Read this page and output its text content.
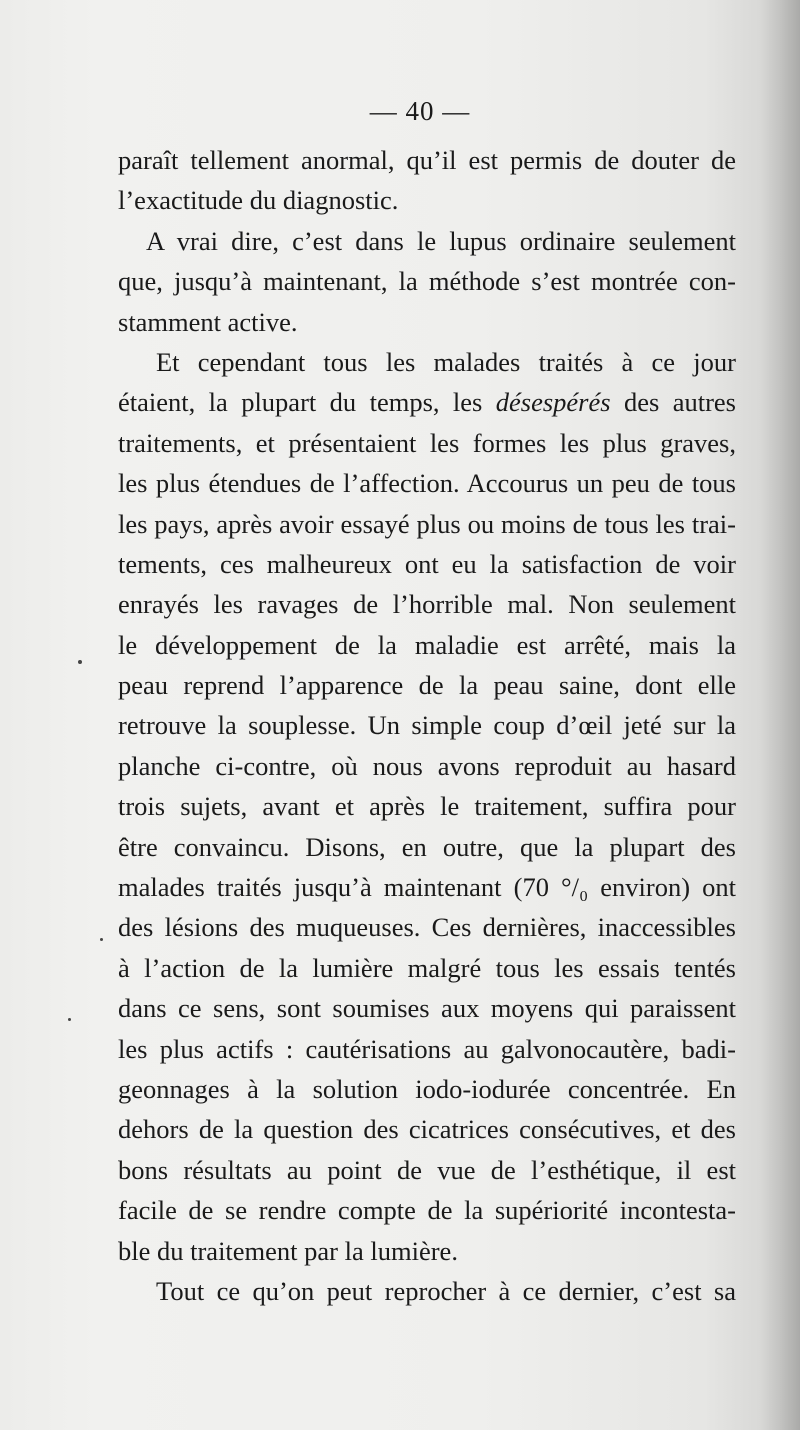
— 40 —
paraît tellement anormal, qu’il est permis de douter de
l’exactitude du diagnostic.
A vrai dire, c’est dans le lupus ordinaire seulement
que, jusqu’à maintenant, la méthode s’est montrée con-
stamment active.
Et cependant tous les malades traités à ce jour
étaient, la plupart du temps, les désespérés des autres
traitements, et présentaient les formes les plus graves,
les plus étendues de l’affection. Accourus un peu de tous
les pays, après avoir essayé plus ou moins de tous les trai-
tements, ces malheureux ont eu la satisfaction de voir
enrayés les ravages de l’horrible mal. Non seulement
le développement de la maladie est arrêté, mais la
peau reprend l’apparence de la peau saine, dont elle
retrouve la souplesse. Un simple coup d’œil jeté sur la
planche ci-contre, où nous avons reproduit au hasard
trois sujets, avant et après le traitement, suffira pour
être convaincu. Disons, en outre, que la plupart des
malades traités jusqu’à maintenant (70 °/₀ environ) ont
des lésions des muqueuses. Ces dernières, inaccessibles
à l’action de la lumière malgré tous les essais tentés
dans ce sens, sont soumises aux moyens qui paraissent
les plus actifs : cautérisations au galvonocautère, badi-
geonnages à la solution iodo-iodurée concentrée. En
dehors de la question des cicatrices consécutives, et des
bons résultats au point de vue de l’esthétique, il est
facile de se rendre compte de la supériorité incontesta-
ble du traitement par la lumière.
Tout ce qu’on peut reprocher à ce dernier, c’est sa
